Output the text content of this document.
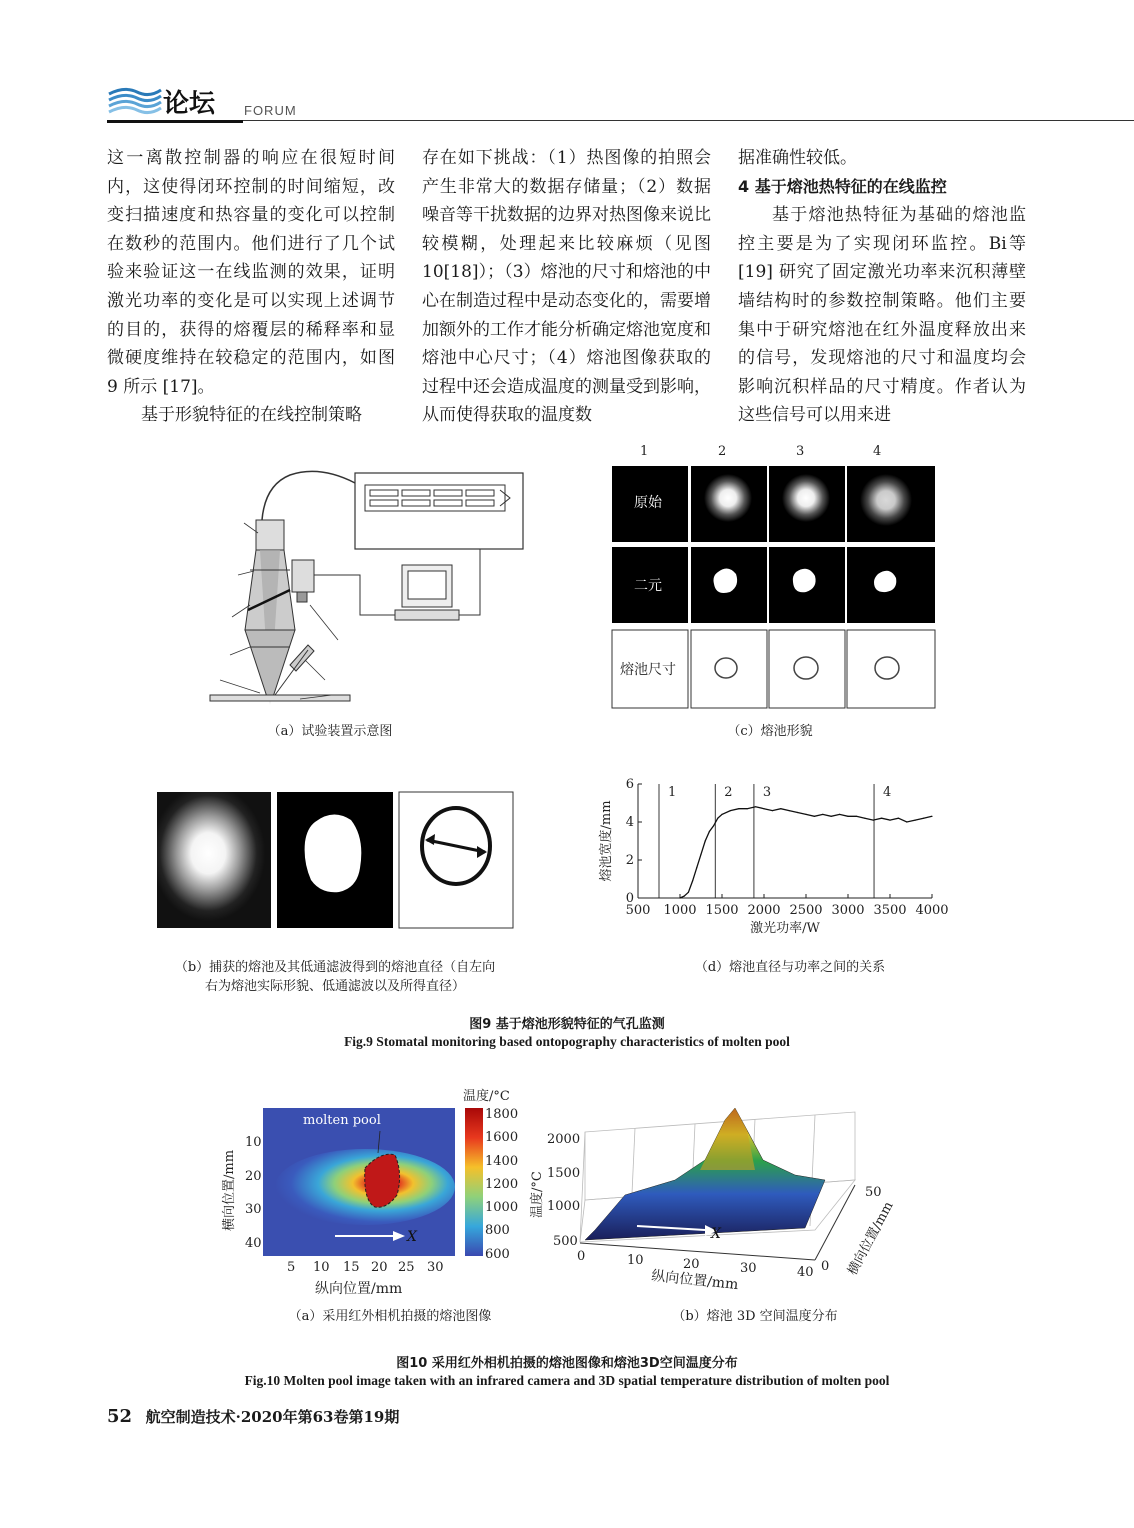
论坛 FORUM

这一离散控制器的响应在很短时间内，这使得闭环控制的时间缩短，改变扫描速度和热容量的变化可以控制在数秒的范围内。他们进行了几个试验来验证这一在线监测的效果，证明激光功率的变化是可以实现上述调节的目的，获得的熔覆层的稀释率和显微硬度维持在较稳定的范围内，如图 9 所示 [17]。

基于形貌特征的在线控制策略

存在如下挑战：（1）热图像的拍照会产生非常大的数据存储量；（2）数据噪音等干扰数据的边界对热图像来说比较模糊，处理起来比较麻烦（见图 10[18]）；（3）熔池的尺寸和熔池的中心在制造过程中是动态变化的，需要增加额外的工作才能分析确定熔池宽度和熔池中心尺寸；（4）熔池图像获取的过程中还会造成温度的测量受到影响，从而使得获取的温度数

据准确性较低。

4 基于熔池热特征的在线监控

基于熔池热特征为基础的熔池监控主要是为了实现闭环监控。Bi等 [19] 研究了固定激光功率来沉积薄壁墙结构时的参数控制策略。他们主要集中于研究熔池在红外温度释放出来的信号，发现熔池的尺寸和温度均会影响沉积样品的尺寸精度。作者认为这些信号可以用来进

（a）试验装置示意图
1	2	3	4
原始
二元
熔池尺寸
（c）熔池形貌
（b）捕获的熔池及其低通滤波得到的熔池直径（自左向
右为熔池实际形貌、低通滤波以及所得直径）
0
2
4
6
500 1000 1500 2000 2500 3000 3500 4000
1	2 3	4
激光功率/W
熔池宽度/mm
（d）熔池直径与功率之间的关系
图9 基于熔池形貌特征的气孔监测
Fig.9 Stomatal monitoring based ontopography characteristics of molten pool
molten pool
X
10
20
30
40
5 10 15 20 25 30
纵向位置/mm
横向位置/mm
温度/°C
1800
1600
1400
1200
1000
800
600
（a）采用红外相机拍摄的熔池图像
X
2000
1500
1000
500
0	10	20	30	40 0
50
温度/°C
纵向位置/mm
横向位置/mm
（b）熔池 3D 空间温度分布
图10 采用红外相机拍摄的熔池图像和熔池3D空间温度分布
Fig.10 Molten pool image taken with an infrared camera and 3D spatial temperature distribution of molten pool
52 航空制造技术·2020年第63卷第19期
